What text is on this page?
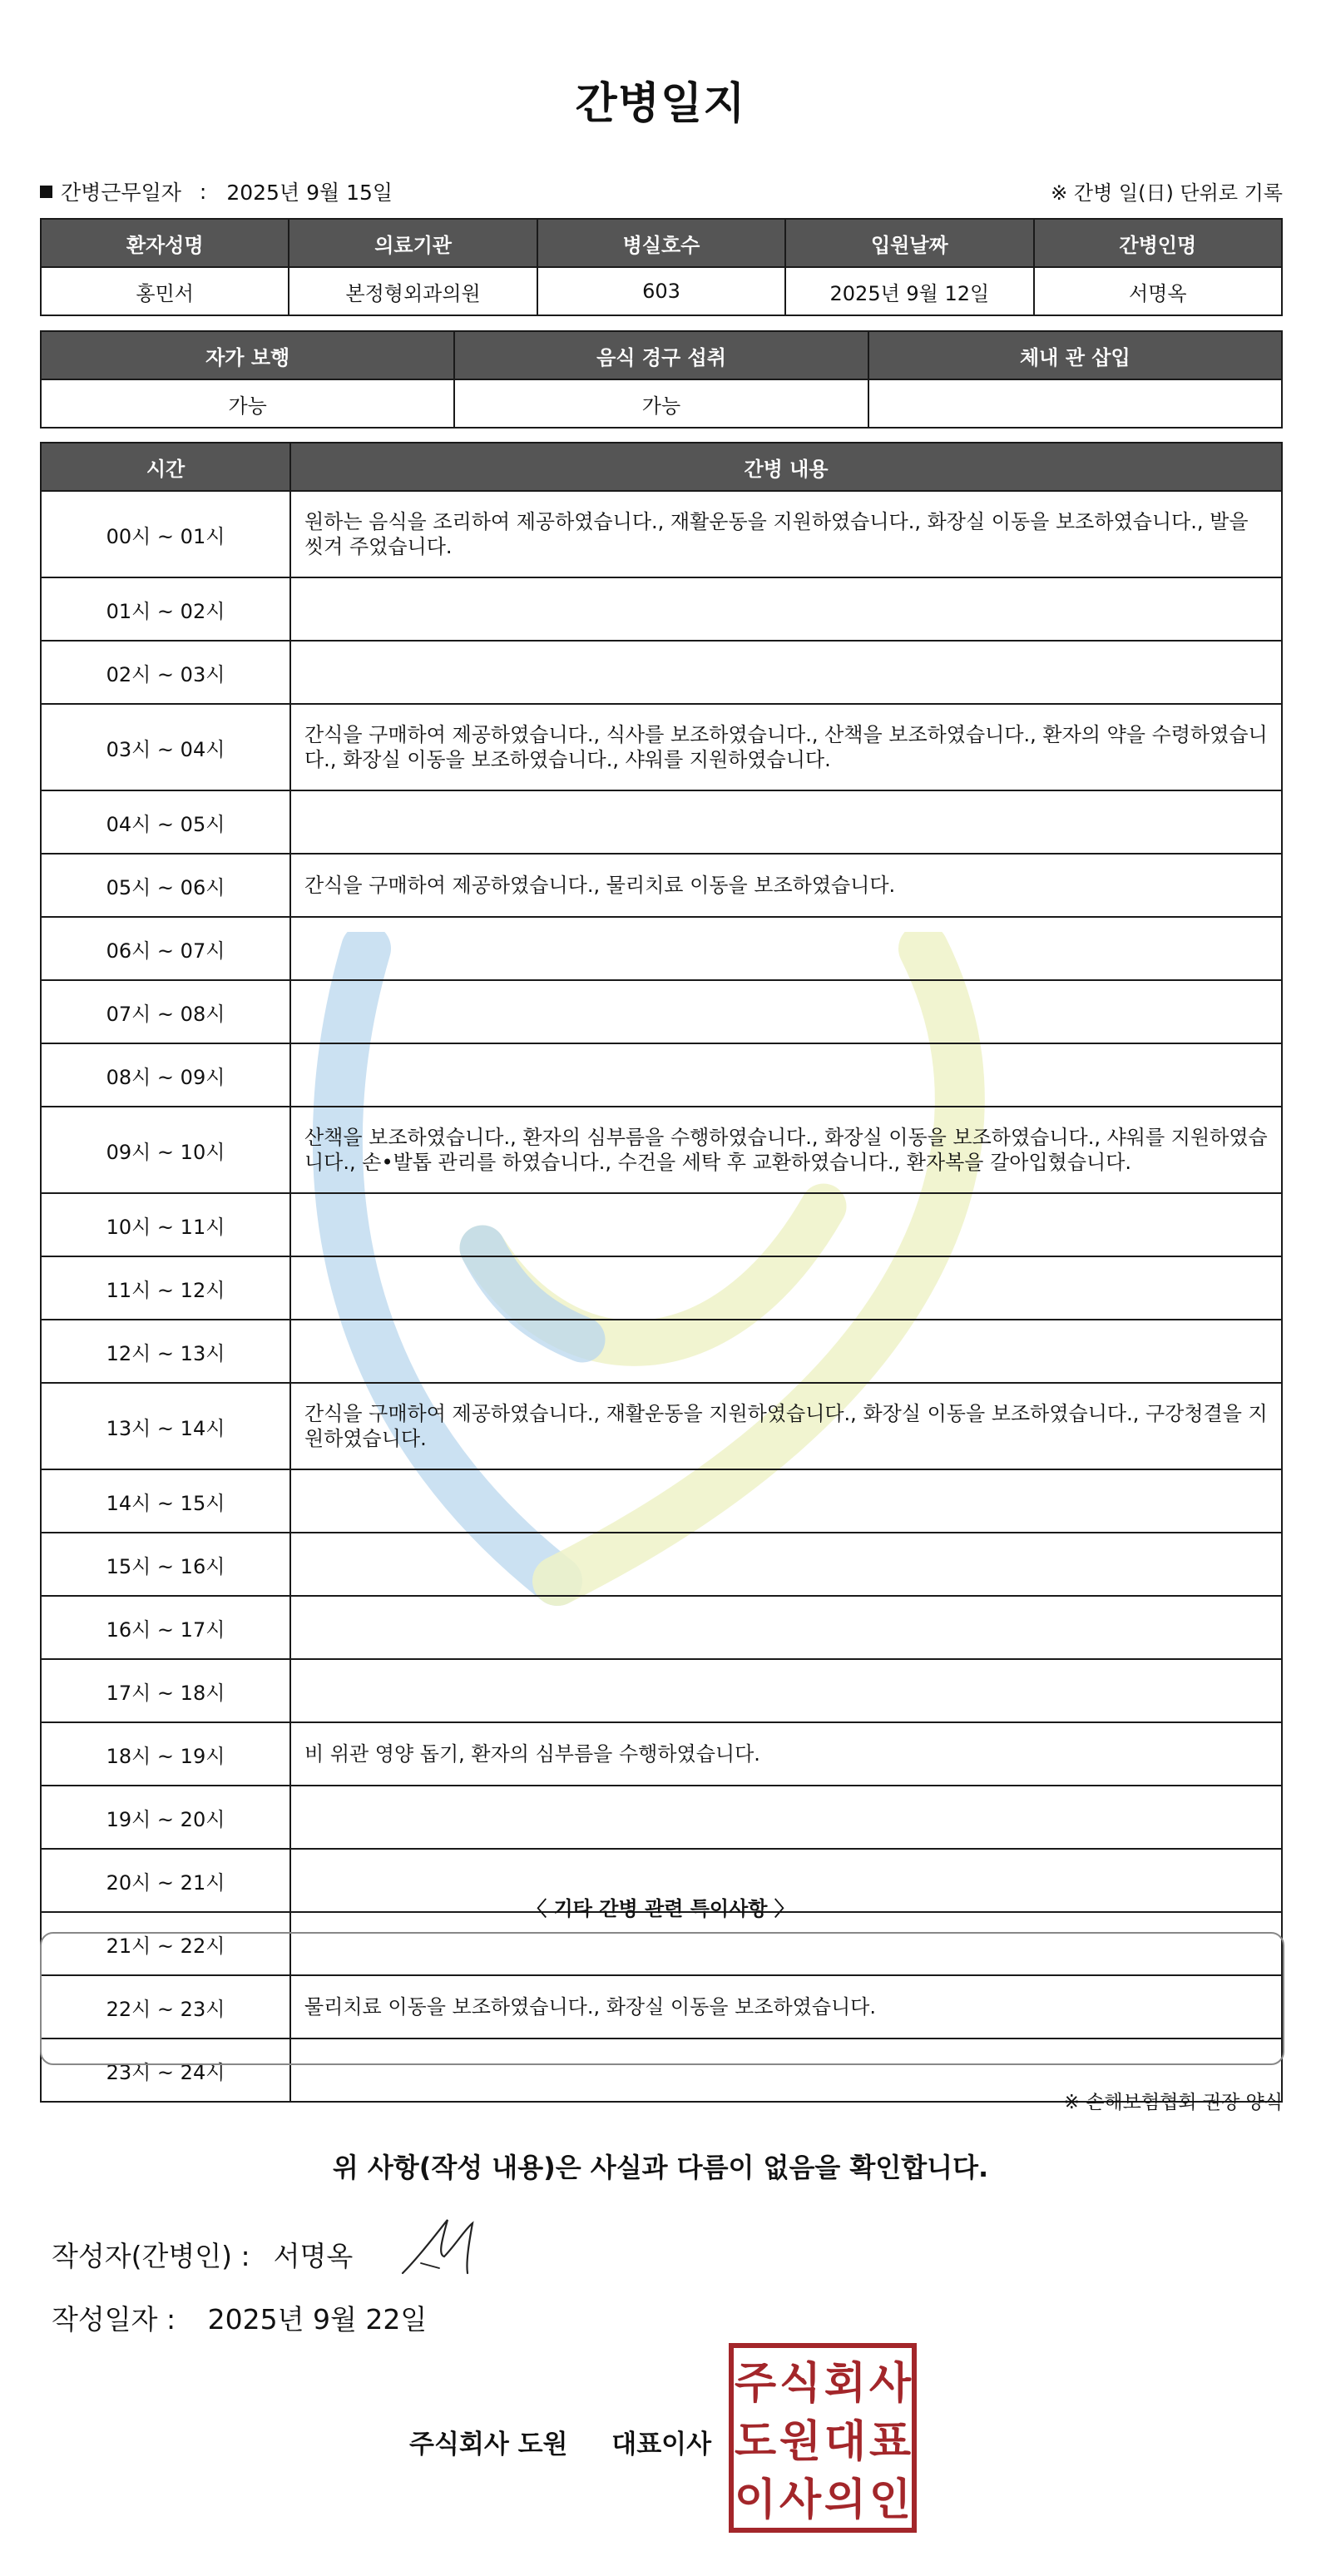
간병일지
간병근무일자 : 2025년 9월 15일	※ 간병 일(日) 단위로 기록
환자성명	의료기관	병실호수	입원날짜	간병인명
홍민서	본정형외과의원	603	2025년 9월 12일	서명옥
자가 보행	음식 경구 섭취	체내 관 삽입
가능	가능	
시간	간병 내용
00시 ~ 01시	원하는 음식을 조리하여 제공하였습니다., 재활운동을 지원하였습니다., 화장실 이동을 보조하였습니다., 발을 씻겨 주었습니다.
01시 ~ 02시	
02시 ~ 03시	
03시 ~ 04시	간식을 구매하여 제공하였습니다., 식사를 보조하였습니다., 산책을 보조하였습니다., 환자의 약을 수령하였습니다., 화장실 이동을 보조하였습니다., 샤워를 지원하였습니다.
04시 ~ 05시	
05시 ~ 06시	간식을 구매하여 제공하였습니다., 물리치료 이동을 보조하였습니다.
06시 ~ 07시	
07시 ~ 08시	
08시 ~ 09시	
09시 ~ 10시	산책을 보조하였습니다., 환자의 심부름을 수행하였습니다., 화장실 이동을 보조하였습니다., 샤워를 지원하였습니다., 손•발톱 관리를 하였습니다., 수건을 세탁 후 교환하였습니다., 환자복을 갈아입혔습니다.
10시 ~ 11시	
11시 ~ 12시	
12시 ~ 13시	
13시 ~ 14시	간식을 구매하여 제공하였습니다., 재활운동을 지원하였습니다., 화장실 이동을 보조하였습니다., 구강청결을 지원하였습니다.
14시 ~ 15시	
15시 ~ 16시	
16시 ~ 17시	
17시 ~ 18시	
18시 ~ 19시	비 위관 영양 돕기, 환자의 심부름을 수행하였습니다.
19시 ~ 20시	
20시 ~ 21시	
21시 ~ 22시	
22시 ~ 23시	물리치료 이동을 보조하였습니다., 화장실 이동을 보조하였습니다.
23시 ~ 24시	
〈 기타 간병 관련 특이사항 〉
※ 손해보험협회 권장 양식
위 사항(작성 내용)은 사실과 다름이 없음을 확인합니다.
작성자(간병인) : 서명옥
작성일자 : 2025년 9월 22일
주식회사 도원 대표이사
주 식 회 사
도 원 대 표
이 사 의 인
